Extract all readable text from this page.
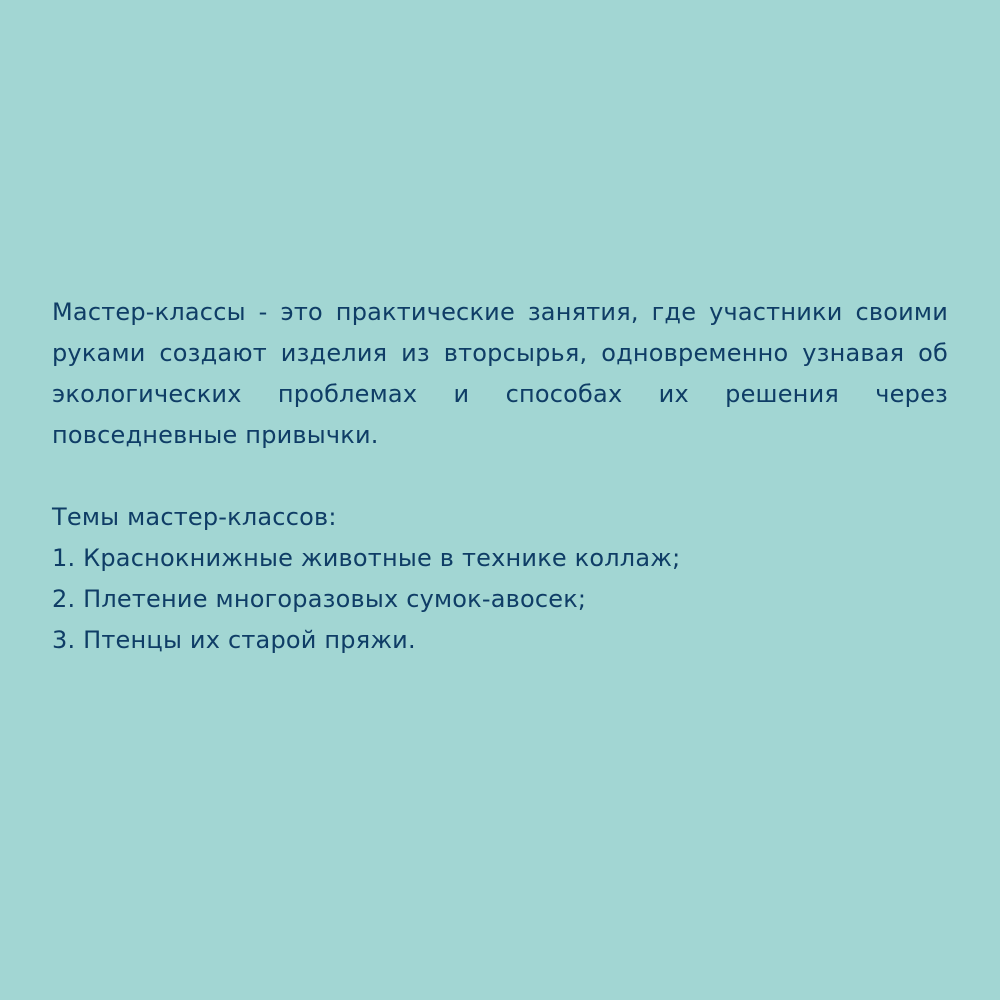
Мастер-классы - это практические занятия, где участники своими руками создают изделия из вторсырья, одновременно узнавая об экологических проблемах и способах их решения через повседневные привычки.

Темы мастер-классов:
1. Краснокнижные животные в технике коллаж;
2. Плетение многоразовых сумок-авосек;
3. Птенцы их старой пряжи.
